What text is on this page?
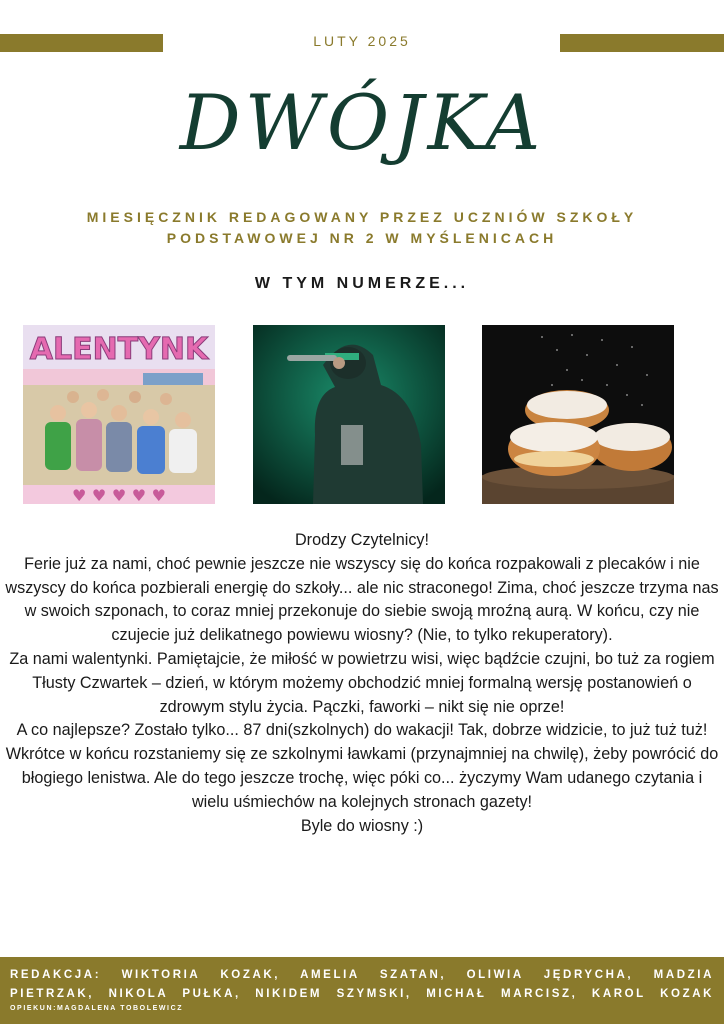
LUTY 2025
DWÓJKA
MIESIĘCZNIK REDAGOWANY PRZEZ UCZNIÓW SZKOŁY
PODSTAWOWEJ NR 2 W MYŚLENICACH
W TYM NUMERZE...
ALENTYNK
♥ ♥ ♥ ♥ ♥

Drodzy Czytelnicy!

Ferie już za nami, choć pewnie jeszcze nie wszyscy się do końca rozpakowali z plecaków i nie wszyscy do końca pozbierali energię do szkoły... ale nic straconego! Zima, choć jeszcze trzyma nas w swoich szponach, to coraz mniej przekonuje do siebie swoją mroźną aurą. W końcu, czy nie czujecie już delikatnego powiewu wiosny? (Nie, to tylko rekuperatory).

Za nami walentynki. Pamiętajcie, że miłość w powietrzu wisi, więc bądźcie czujni, bo tuż za rogiem Tłusty Czwartek – dzień, w którym możemy obchodzić mniej formalną wersję postanowień o zdrowym stylu życia. Pączki, faworki – nikt się nie oprze!

A co najlepsze? Zostało tylko... 87 dni(szkolnych) do wakacji! Tak, dobrze widzicie, to już tuż tuż! Wkrótce w końcu rozstaniemy się ze szkolnymi ławkami (przynajmniej na chwilę), żeby powrócić do błogiego lenistwa. Ale do tego jeszcze trochę, więc póki co... życzymy Wam udanego czytania i wielu uśmiechów na kolejnych stronach gazety!

Byle do wiosny :)

REDAKCJA: WIKTORIA KOZAK, AMELIA SZATAN, OLIWIA JĘDRYCHA, MADZIA
PIETRZAK, NIKOLA PUŁKA, NIKIDEM SZYMSKI, MICHAŁ MARCISZ, KAROL KOZAK
OPIEKUN:MAGDALENA TOBOLEWICZ
